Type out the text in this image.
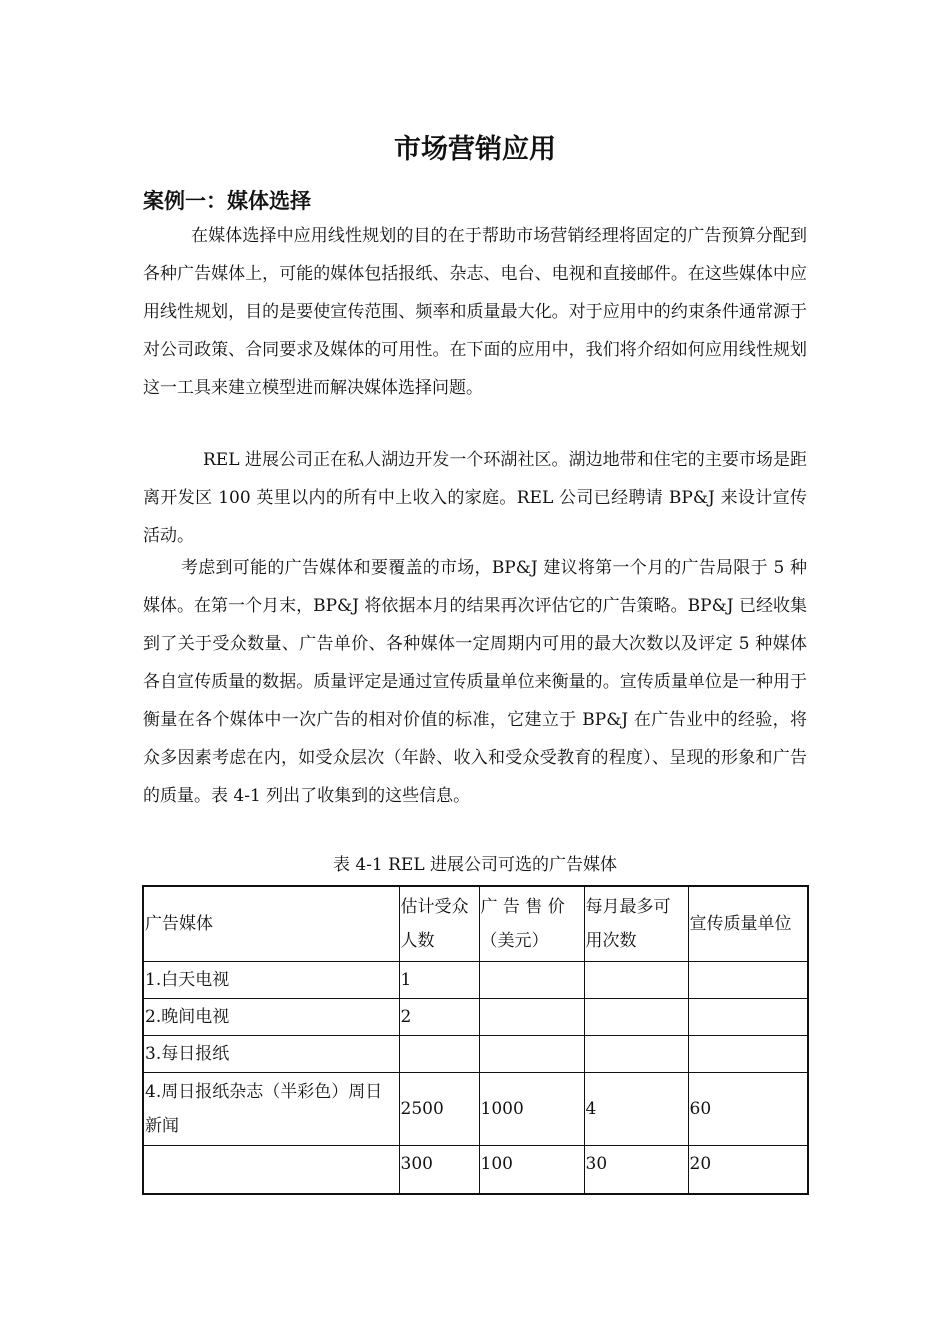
市场营销应用
案例一：媒体选择

在媒体选择中应用线性规划的目的在于帮助市场营销经理将固定的广告预算分配到各种广告媒体上，可能的媒体包括报纸、杂志、电台、电视和直接邮件。在这些媒体中应用线性规划，目的是要使宣传范围、频率和质量最大化。对于应用中的约束条件通常源于对公司政策、合同要求及媒体的可用性。在下面的应用中，我们将介绍如何应用线性规划这一工具来建立模型进而解决媒体选择问题。

REL 进展公司正在私人湖边开发一个环湖社区。湖边地带和住宅的主要市场是距离开发区 100 英里以内的所有中上收入的家庭。REL 公司已经聘请 BP&J 来设计宣传活动。

考虑到可能的广告媒体和要覆盖的市场，BP&J 建议将第一个月的广告局限于 5 种媒体。在第一个月末，BP&J 将依据本月的结果再次评估它的广告策略。BP&J 已经收集到了关于受众数量、广告单价、各种媒体一定周期内可用的最大次数以及评定 5 种媒体各自宣传质量的数据。质量评定是通过宣传质量单位来衡量的。宣传质量单位是一种用于衡量在各个媒体中一次广告的相对价值的标准，它建立于 BP&J 在广告业中的经验，将众多因素考虑在内，如受众层次（年龄、收入和受众受教育的程度）、呈现的形象和广告的质量。表 4-1 列出了收集到的这些信息。

表 4-1 REL 进展公司可选的广告媒体
广告媒体	估计受众人数	广 告 售 价（美元）	每月最多可用次数	宣传质量单位
1.白天电视	1			
2.晚间电视	2			
3.每日报纸				
4.周日报纸杂志（半彩色）周日新闻	2500	1000	4	60
	300	100	30	20
